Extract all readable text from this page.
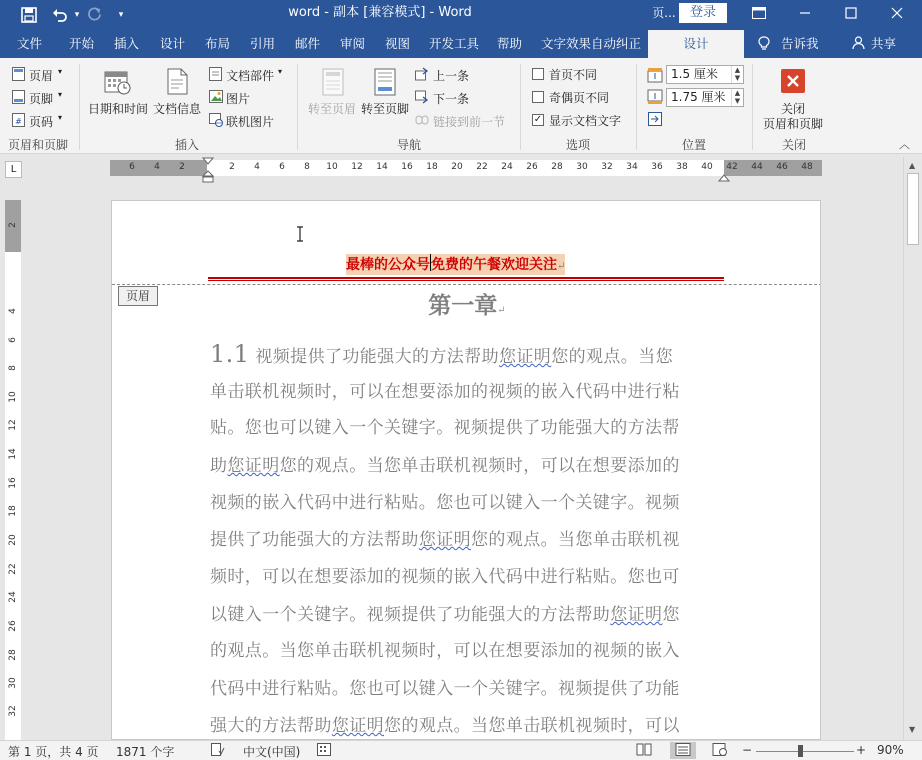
▾	▾	word - 副本 [兼容模式] - Word	页...	登录
文件 开始 插入 设计 布局 引用 邮件 审阅 视图 开发工具 帮助 文字效果自动纠正	设计	告诉我	共享
页眉 ▾
页脚 ▾
# 页码 ▾
页眉和页脚
日期和时间 文档信息
文档部件 ▾
图片
联机图片
插入
转至页眉 转至页脚
上一条
下一条
链接到前一节
导航
首页不同
奇偶页不同
✓ 显示文档文字
选项
1.5 厘米	▲
▼
1.75 厘米	▲
▼
位置
关闭
页眉和页脚
关闭	︿
L	6	4	2	2	4	6	8	10	12	14	16	18	20	22	24	26	28	30	32	34	36	38	40	42	44	46	48
2
4
6
8
10
12
14
16
18
20
22
24
26
28
30
32
最棒的公众号免费的午餐欢迎关注↵
页眉	第一章↵
1.1 视频提供了功能强大的方法帮助您证明您的观点。当您
单击联机视频时，可以在想要添加的视频的嵌入代码中进行粘
贴。您也可以键入一个关键字。视频提供了功能强大的方法帮
助您证明您的观点。当您单击联机视频时，可以在想要添加的
视频的嵌入代码中进行粘贴。您也可以键入一个关键字。视频
提供了功能强大的方法帮助您证明您的观点。当您单击联机视
频时，可以在想要添加的视频的嵌入代码中进行粘贴。您也可
以键入一个关键字。视频提供了功能强大的方法帮助您证明您
的观点。当您单击联机视频时，可以在想要添加的视频的嵌入
代码中进行粘贴。您也可以键入一个关键字。视频提供了功能
强大的方法帮助您证明您的观点。当您单击联机视频时，可以
▲
▼
第 1 页，共 4 页 1871 个字	中文(中国)	−	+ 90%
